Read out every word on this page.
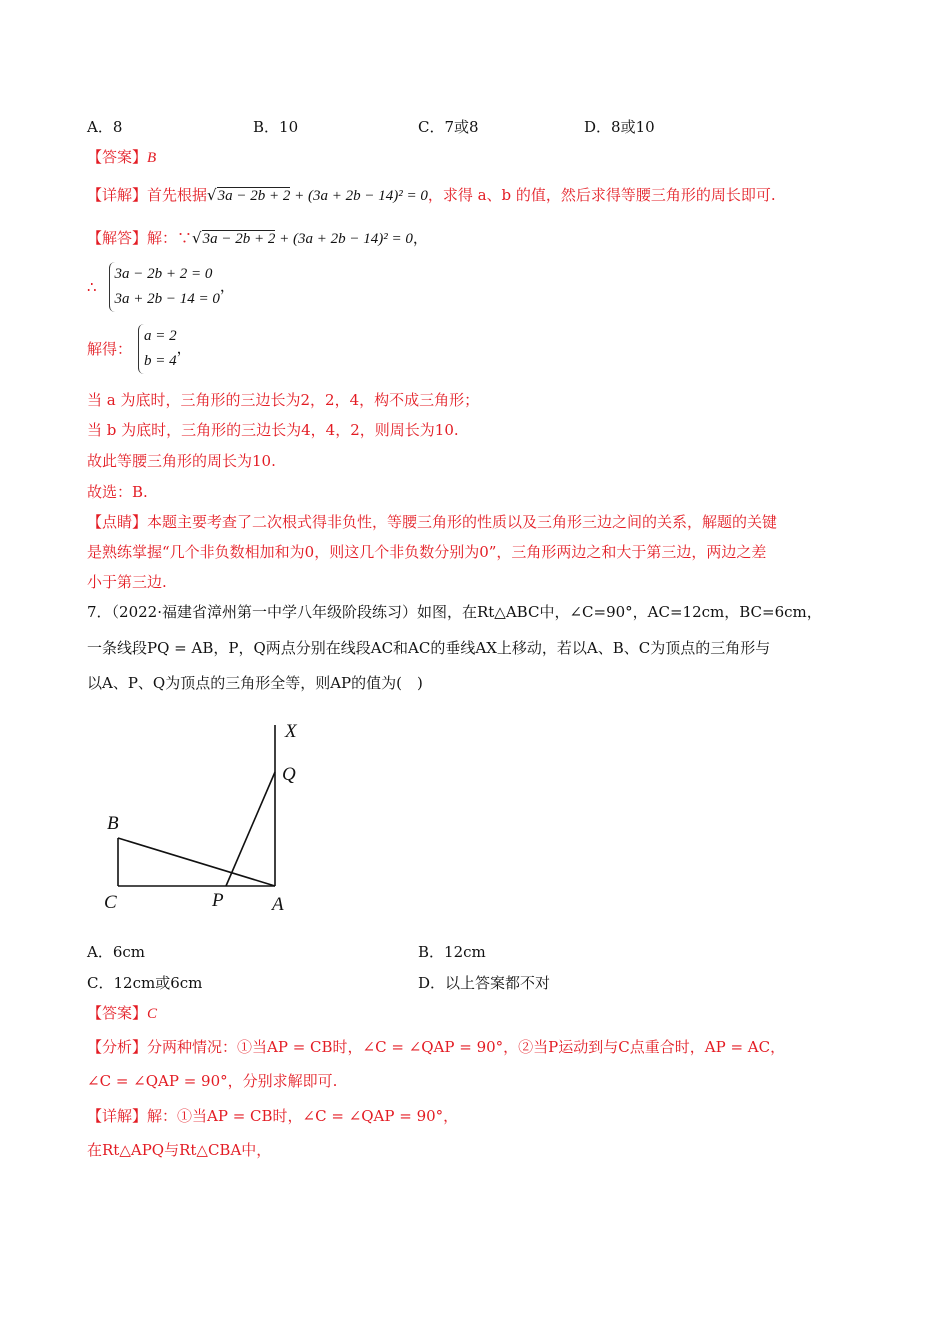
A．8	B．10	C．7或8	D．8或10
【答案】B
【详解】首先根据√3a − 2b + 2 + (3a + 2b − 14)² = 0，求得 a、b 的值，然后求得等腰三角形的周长即可.
【解答】解：∵√3a − 2b + 2 + (3a + 2b − 14)² = 0，
∴
3a − 2b + 2 = 0
3a + 2b − 14 = 0
，
解得：
a = 2
b = 4
，
当 a 为底时，三角形的三边长为2，2，4，构不成三角形；
当 b 为底时，三角形的三边长为4，4，2，则周长为10.
故此等腰三角形的周长为10.
故选：B.
【点睛】本题主要考查了二次根式得非负性，等腰三角形的性质以及三角形三边之间的关系，解题的关键
是熟练掌握“几个非负数相加和为0，则这几个非负数分别为0”，三角形两边之和大于第三边，两边之差
小于第三边.
7．（2022·福建省漳州第一中学八年级阶段练习）如图，在Rt△ABC中，∠C=90°，AC=12cm，BC=6cm，
一条线段PQ = AB，P，Q两点分别在线段AC和AC的垂线AX上移动，若以A、B、C为顶点的三角形与
以A、P、Q为顶点的三角形全等，则AP的值为(　)
X
Q
B
C	P	A
A．6cm	B．12cm
C．12cm或6cm	D．以上答案都不对
【答案】C
【分析】分两种情况：①当AP = CB时，∠C = ∠QAP = 90°，②当P运动到与C点重合时，AP = AC，
∠C = ∠QAP = 90°，分别求解即可.
【详解】解：①当AP = CB时，∠C = ∠QAP = 90°，
在Rt△APQ与Rt△CBA中，
